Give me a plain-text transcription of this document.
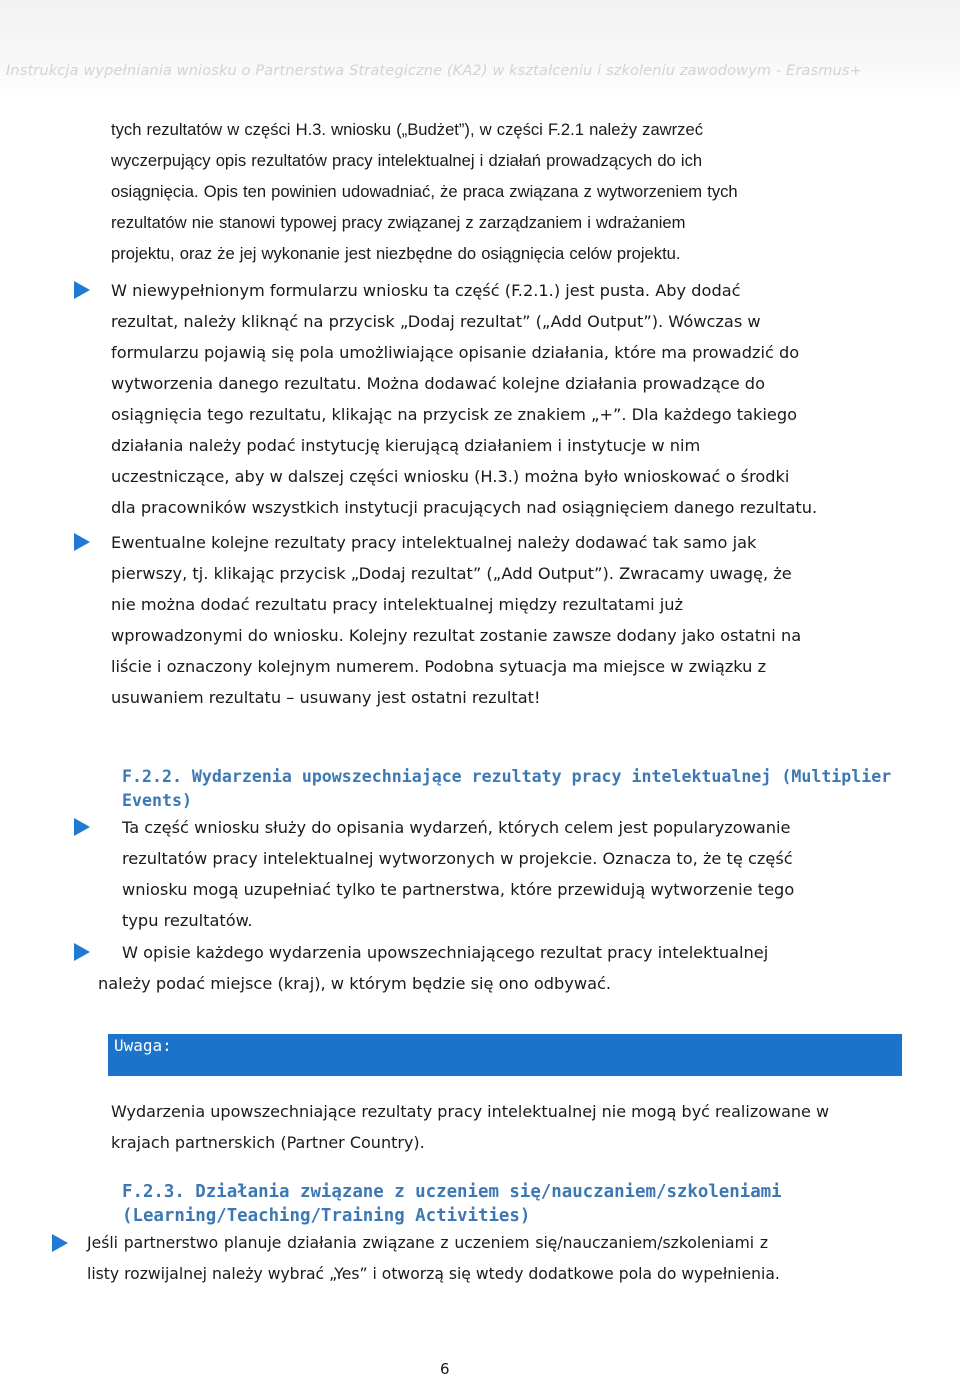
Instrukcja wypełniania wniosku o Partnerstwa Strategiczne (KA2) w kształceniu i szkoleniu zawodowym - Erasmus+
tych rezultatów w części H.3. wniosku („Budżet”), w części F.2.1 należy zawrzeć
wyczerpujący opis rezultatów pracy intelektualnej i działań prowadzących do ich
osiągnięcia. Opis ten powinien udowadniać, że praca związana z wytworzeniem tych
rezultatów nie stanowi typowej pracy związanej z zarządzaniem i wdrażaniem
projektu, oraz że jej wykonanie jest niezbędne do osiągnięcia celów projektu.
W niewypełnionym formularzu wniosku ta część (F.2.1.) jest pusta. Aby dodać
rezultat, należy kliknąć na przycisk „Dodaj rezultat” („Add Output”). Wówczas w
formularzu pojawią się pola umożliwiające opisanie działania, które ma prowadzić do
wytworzenia danego rezultatu. Można dodawać kolejne działania prowadzące do
osiągnięcia tego rezultatu, klikając na przycisk ze znakiem „+”. Dla każdego takiego
działania należy podać instytucję kierującą działaniem i instytucje w nim
uczestniczące, aby w dalszej części wniosku (H.3.) można było wnioskować o środki
dla pracowników wszystkich instytucji pracujących nad osiągnięciem danego rezultatu.
Ewentualne kolejne rezultaty pracy intelektualnej należy dodawać tak samo jak
pierwszy, tj. klikając przycisk „Dodaj rezultat” („Add Output”). Zwracamy uwagę, że
nie można dodać rezultatu pracy intelektualnej między rezultatami już
wprowadzonymi do wniosku. Kolejny rezultat zostanie zawsze dodany jako ostatni na
liście i oznaczony kolejnym numerem. Podobna sytuacja ma miejsce w związku z
usuwaniem rezultatu – usuwany jest ostatni rezultat!
F.2.2. Wydarzenia upowszechniające rezultaty pracy intelektualnej (Multiplier
Events)
Ta część wniosku służy do opisania wydarzeń, których celem jest popularyzowanie
rezultatów pracy intelektualnej wytworzonych w projekcie. Oznacza to, że tę część
wniosku mogą uzupełniać tylko te partnerstwa, które przewidują wytworzenie tego
typu rezultatów.
W opisie każdego wydarzenia upowszechniającego rezultat pracy intelektualnej
należy podać miejsce (kraj), w którym będzie się ono odbywać.
Uwaga:
Wydarzenia upowszechniające rezultaty pracy intelektualnej nie mogą być realizowane w
krajach partnerskich (Partner Country).
F.2.3. Działania związane z uczeniem się/nauczaniem/szkoleniami
(Learning/Teaching/Training Activities)
Jeśli partnerstwo planuje działania związane z uczeniem się/nauczaniem/szkoleniami z
listy rozwijalnej należy wybrać „Yes” i otworzą się wtedy dodatkowe pola do wypełnienia.
6
